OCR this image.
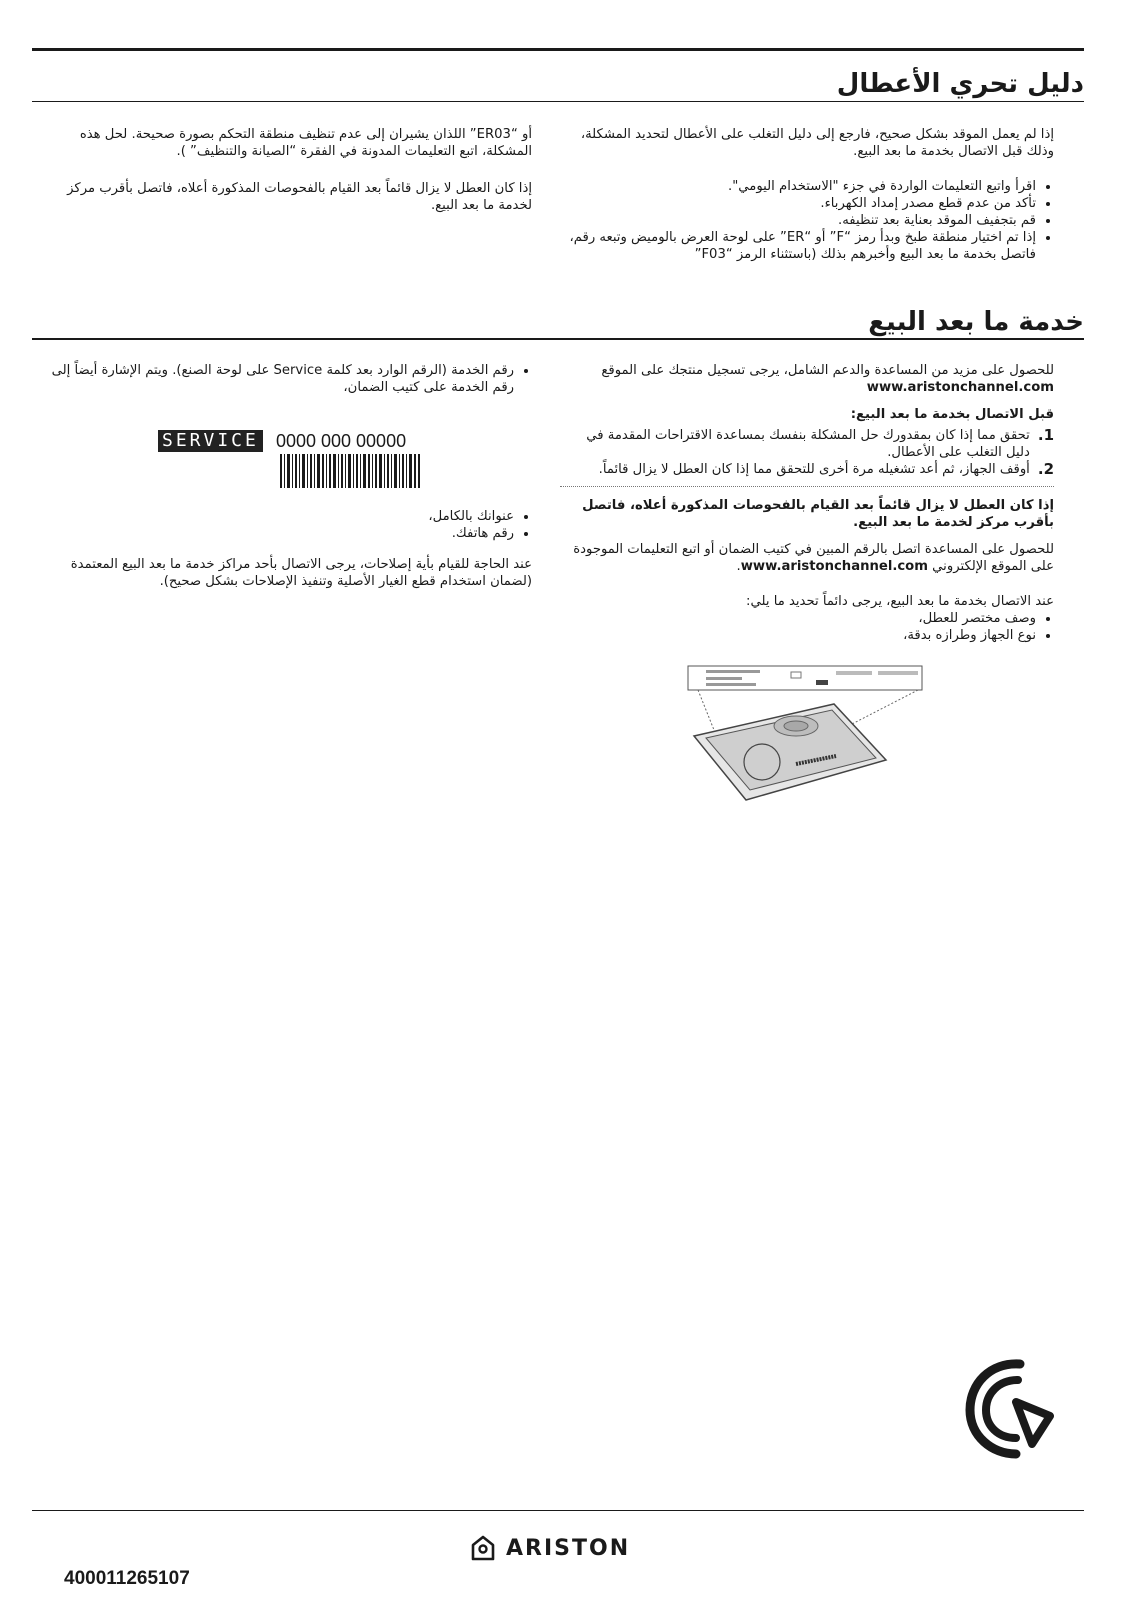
دليل تحري الأعطال

إذا لم يعمل الموقد بشكل صحيح، فارجع إلى دليل التغلب على الأعطال لتحديد المشكلة، وذلك قبل الاتصال بخدمة ما بعد البيع.

• اقرأ واتبع التعليمات الواردة في جزء "الاستخدام اليومي".
• تأكد من عدم قطع مصدر إمداد الكهرباء.
• قم بتجفيف الموقد بعناية بعد تنظيفه.
• إذا تم اختيار منطقة طبخ وبدأ رمز “F” أو “ER” على لوحة العرض بالوميض وتبعه رقم، فاتصل بخدمة ما بعد البيع وأخبرهم بذلك (باستثناء الرمز “F03”

أو “ER03” اللذان يشيران إلى عدم تنظيف منطقة التحكم بصورة صحيحة. لحل هذه المشكلة، اتبع التعليمات المدونة في الفقرة “الصيانة والتنظيف” ).

إذا كان العطل لا يزال قائماً بعد القيام بالفحوصات المذكورة أعلاه، فاتصل بأقرب مركز لخدمة ما بعد البيع.

خدمة ما بعد البيع

للحصول على مزيد من المساعدة والدعم الشامل، يرجى تسجيل منتجك على الموقع www.aristonchannel.com

قبل الاتصال بخدمة ما بعد البيع:
1.
تحقق مما إذا كان بمقدورك حل المشكلة بنفسك بمساعدة الاقتراحات المقدمة في دليل التغلب على الأعطال.
2.
أوقف الجهاز، ثم أعد تشغيله مرة أخرى للتحقق مما إذا كان العطل لا يزال قائماً.

إذا كان العطل لا يزال قائماً بعد القيام بالفحوصات المذكورة أعلاه، فاتصل بأقرب مركز لخدمة ما بعد البيع.

للحصول على المساعدة اتصل بالرقم المبين في كتيب الضمان أو اتبع التعليمات الموجودة على الموقع الإلكتروني www.aristonchannel.com.

عند الاتصال بخدمة ما بعد البيع، يرجى دائماً تحديد ما يلي:

• وصف مختصر للعطل،
• نوع الجهاز وطرازه بدقة،
• رقم الخدمة (الرقم الوارد بعد كلمة Service على لوحة الصنع). ويتم الإشارة أيضاً إلى رقم الخدمة على كتيب الضمان،
SERVICE 0000 000 00000
• عنوانك بالكامل،
• رقم هاتفك.

عند الحاجة للقيام بأية إصلاحات، يرجى الاتصال بأحد مراكز خدمة ما بعد البيع المعتمدة (لضمان استخدام قطع الغيار الأصلية وتنفيذ الإصلاحات بشكل صحيح).

ARISTON
400011265107
